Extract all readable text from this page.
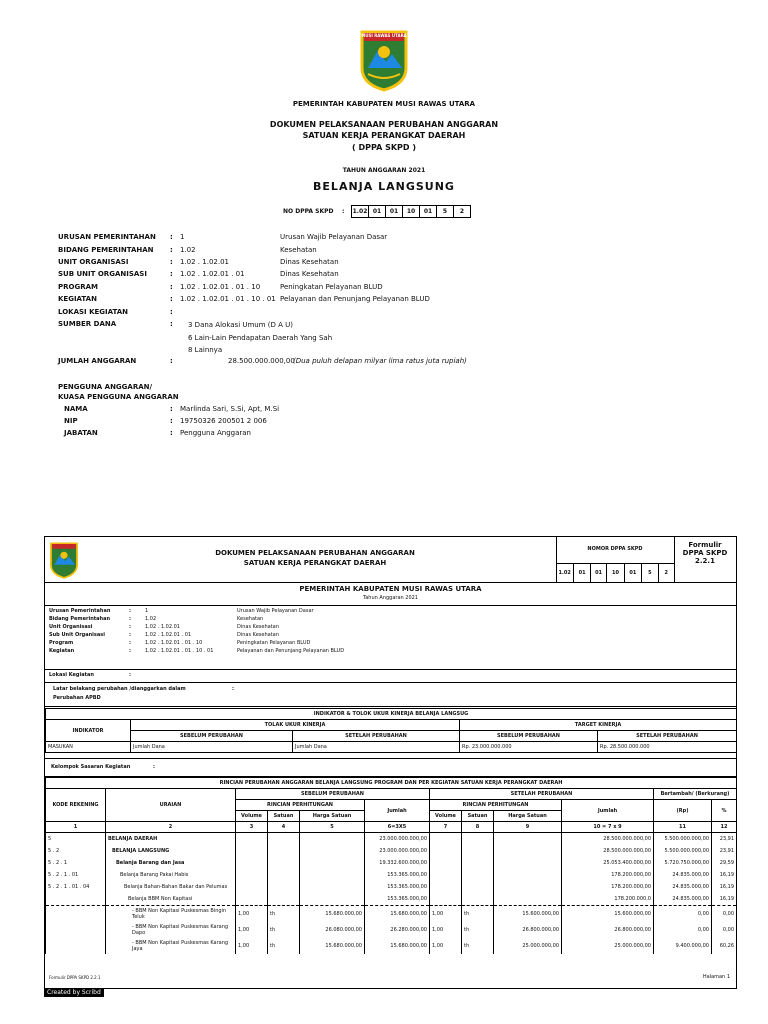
MUSI RAWAS UTARA
PEMERINTAH KABUPATEN MUSI RAWAS UTARA
DOKUMEN PELAKSANAAN PERUBAHAN ANGGARAN
SATUAN KERJA PERANGKAT DAERAH
( DPPA SKPD )
TAHUN ANGGARAN 2021
BELANJA LANGSUNG
NO DPPA SKPD : 1.02 01	01	10	01	5	2
URUSAN PEMERINTAHAN	: 1	Urusan Wajib Pelayanan Dasar
BIDANG PEMERINTAHAN	: 1.02	Kesehatan
UNIT ORGANISASI	: 1.02 . 1.02.01	Dinas Kesehatan
SUB UNIT ORGANISASI	: 1.02 . 1.02.01 . 01	Dinas Kesehatan
PROGRAM	: 1.02 . 1.02.01 . 01 . 10	Peningkatan Pelayanan BLUD
KEGIATAN	: 1.02 . 1.02.01 . 01 . 10 . 01 Pelayanan dan Penunjang Pelayanan BLUD
LOKASI KEGIATAN	:
SUMBER DANA	: 3 Dana Alokasi Umum (D A U)
6 Lain-Lain Pendapatan Daerah Yang Sah
8 Lainnya
JUMLAH ANGGARAN	:	28.500.000.000,00
(Dua puluh delapan milyar lima ratus juta rupiah)
PENGGUNA ANGGARAN/
KUASA PENGGUNA ANGGARAN
NAMA	: Marlinda Sari, S.Si, Apt, M.Si
NIP	: 19750326 200501 2 006
JABATAN	: Pengguna Anggaran
DOKUMEN PELAKSANAAN PERUBAHAN ANGGARAN
SATUAN KERJA PERANGKAT DAERAH
NOMOR DPPA SKPD
1.02	01	01	10	01	5	2
Formulir
DPPA SKPD
2.2.1
PEMERINTAH KABUPATEN MUSI RAWAS UTARA
Tahun Anggaran 2021
Urusan Pemerintahan	:	1	Urusan Wajib Pelayanan Dasar
Bidang Pemerintahan	:	1.02	Kesehatan
Unit Organisasi	:	1.02 . 1.02.01	Dinas Kesehatan
Sub Unit Organisasi	:	1.02 . 1.02.01 . 01	Dinas Kesehatan
Program	:	1.02 . 1.02.01 . 01 . 10	Peningkatan Pelayanan BLUD
Kegiatan	:	1.02 . 1.02.01 . 01 . 10 . 01	Pelayanan dan Penunjang Pelayanan BLUD
Lokasi Kegiatan	:
Latar belakang perubahan /dianggarkan dalam	:
Perubahan APBD
INDIKATOR & TOLOK UKUR KINERJA BELANJA LANGSUG				
INDIKATOR	TOLAK UKUR KINERJA		TARGET KINERJA	
	SEBELUM PERUBAHAN	SETELAH PERUBAHAN	SEBELUM PERUBAHAN	SETELAH PERUBAHAN
MASUKAN	Jumlah Dana	Jumlah Dana	Rp. 23.000.000.000	Rp. 28.500.000.000
Kelompok Sasaran Kegiatan	:
RINCIAN PERUBAHAN ANGGARAN BELANJA LANGSUNG PROGRAM DAN PER KEGIATAN SATUAN KERJA PERANGKAT DAERAH											
KODE REKENING	URAIAN	SEBELUM PERUBAHAN				SETELAH PERUBAHAN				Bertambah/ (Berkurang)	
		RINCIAN PERHITUNGAN			Jumlah	RINCIAN PERHITUNGAN			Jumlah	(Rp)	%
		Volume	Satuan	Harga Satuan		Volume	Satuan	Harga Satuan			
1	2	3	4	5	6=3X5	7	8	9	10 = 7 x 9	11	12
5	BELANJA DAERAH				23.000.000.000,00				28.500.000.000,00	5.500.000.000,00	23,91
5 . 2	BELANJA LANGSUNG				23.000.000.000,00				28.500.000.000,00	5.500.000.000,00	23,91
5 . 2 . 1	Belanja Barang dan Jasa				19.332.600.000,00				25.053.400.000,00	5.720.750.000,00	29,59
5 . 2 . 1 . 01	Belanja Barang Pakai Habis				153.365.000,00				178.200.000,00	24.835.000,00	16,19
5 . 2 . 1 . 01 . 04	Belanja Bahan-Bahan Bakar dan Pelumas				153.365.000,00				178.200.000,00	24.835.000,00	16,19
	Belanja BBM Non Kapitasi				153.365.000,00				178.200.000,0	24.835.000,00	16,19
	- BBM Non Kapitasi Puskesmas Bingin Teluk	1,00	th	15.680.000,00	15.680.000,00	1,00	th	15.600.000,00	15.600.000,00	0,00	0,00
	- BBM Non Kapitasi Puskesmas Karang Dapo	1,00	th	26.080.000,00	26.280.000,00	1,00	th	26.800.000,00	26.800.000,00	0,00	0,00
	- BBM Non Kapitasi Puskesmas Karang Jaya	1,00	th	15.680.000,00	15.680.000,00	1,00	th	25.000.000,00	25.000.000,00	9.400.000,00	60,26
Formulir DPPA SKPD 2.2.1	Halaman 1
Created by Scribd
